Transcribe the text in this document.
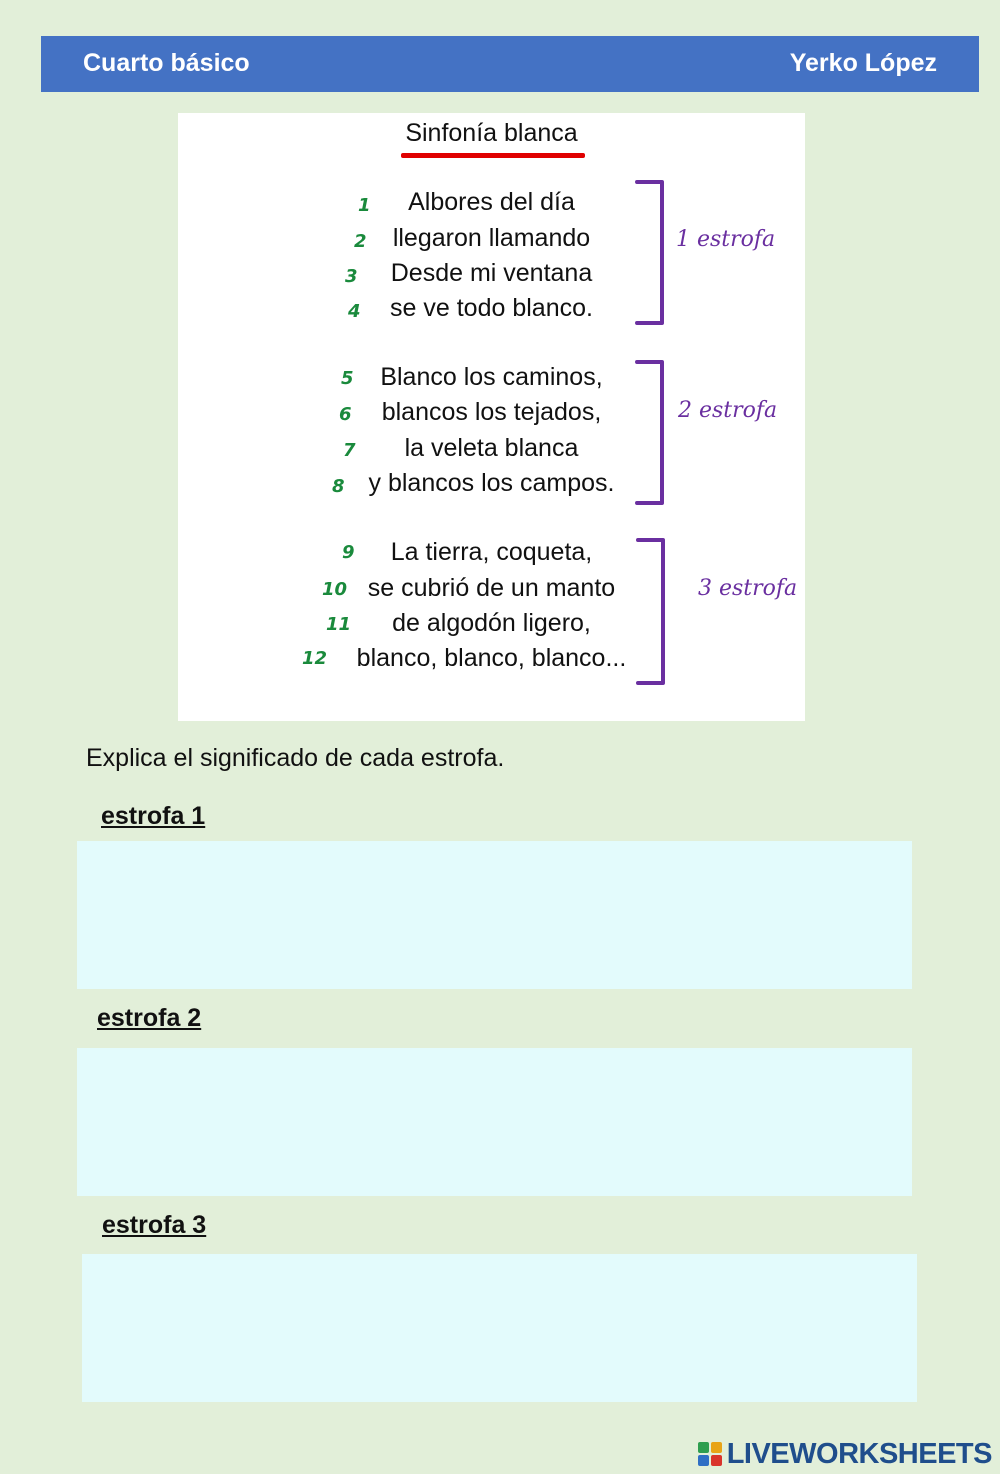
Cuarto básico	Yerko López
Sinfonía blanca
Albores del día
llegaron llamando
Desde mi ventana
se ve todo blanco.
Blanco los caminos,
blancos los tejados,
la veleta blanca
y blancos los campos.
La tierra, coqueta,
se cubrió de un manto
de algodón ligero,
blanco, blanco, blanco...
1
2
3
4
5
6
7
8
9
10
11
12
1 estrofa
2 estrofa
3 estrofa
Explica el significado de cada estrofa.
estrofa 1
estrofa 2
estrofa 3
LIVEWORKSHEETS
